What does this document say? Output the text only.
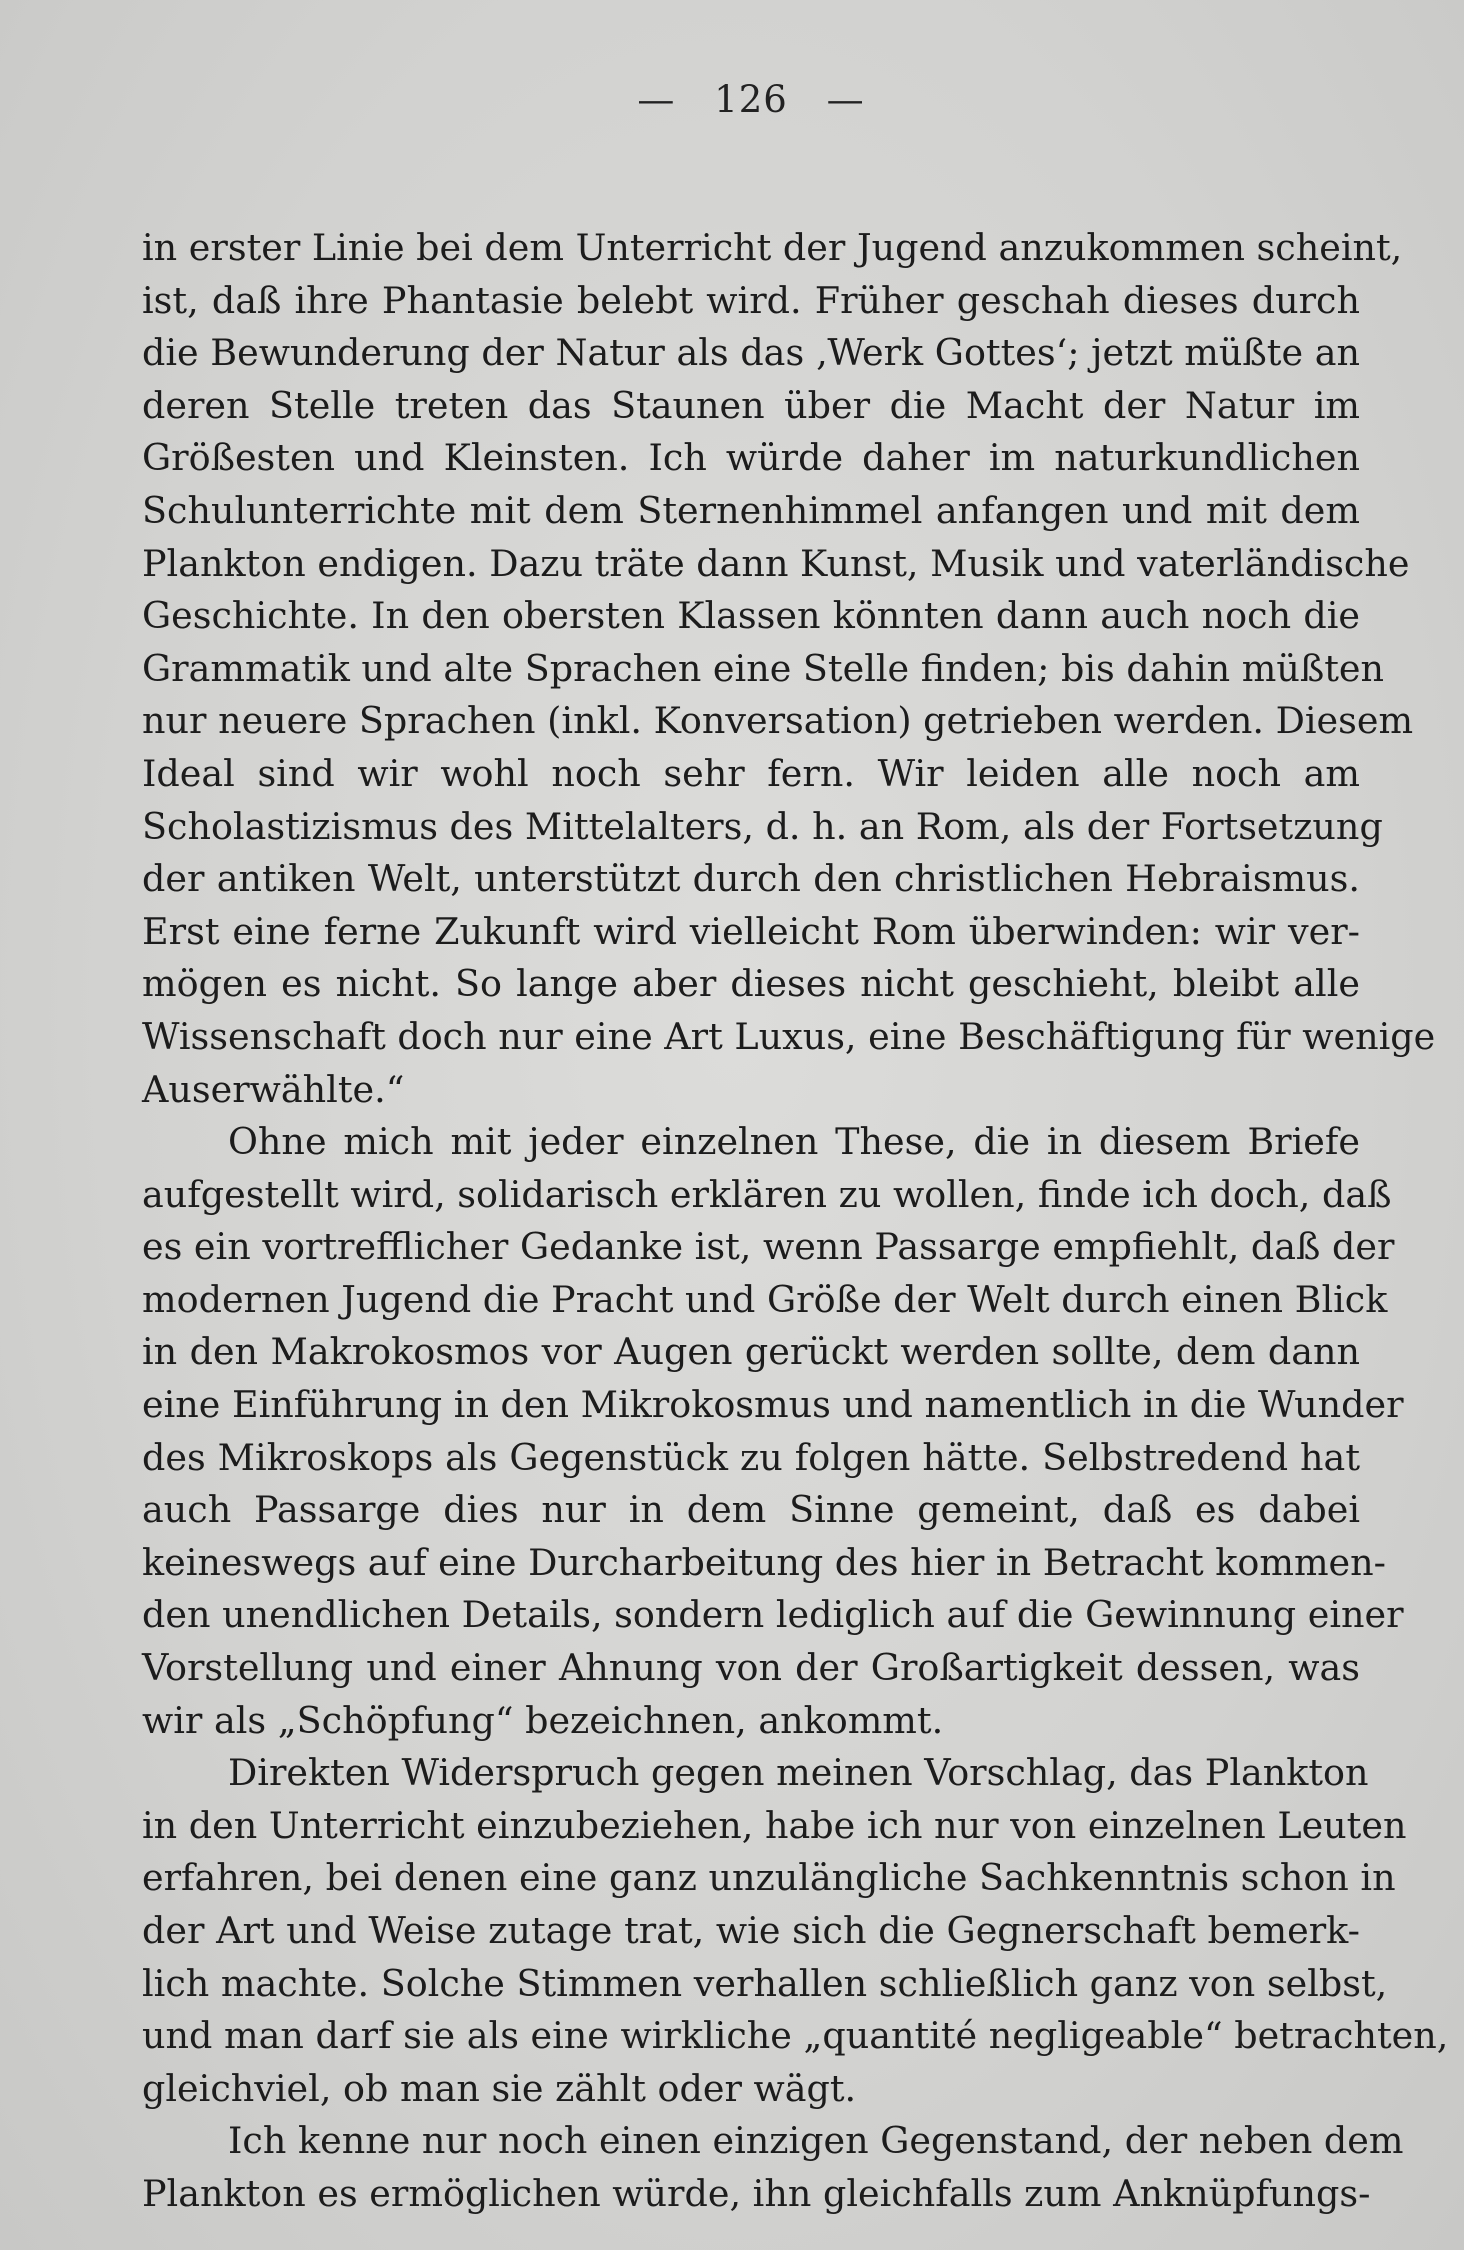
— 126 —
in erster Linie bei dem Unterricht der Jugend anzukommen scheint,
ist, daß ihre Phantasie belebt wird. Früher geschah dieses durch
die Bewunderung der Natur als das ‚Werk Gottes‘; jetzt müßte an
deren Stelle treten das Staunen über die Macht der Natur im
Größesten und Kleinsten. Ich würde daher im naturkundlichen
Schulunterrichte mit dem Sternenhimmel anfangen und mit dem
Plankton endigen. Dazu träte dann Kunst, Musik und vaterländische
Geschichte. In den obersten Klassen könnten dann auch noch die
Grammatik und alte Sprachen eine Stelle finden; bis dahin müßten
nur neuere Sprachen (inkl. Konversation) getrieben werden. Diesem
Ideal sind wir wohl noch sehr fern. Wir leiden alle noch am
Scholastizismus des Mittelalters, d. h. an Rom, als der Fortsetzung
der antiken Welt, unterstützt durch den christlichen Hebraismus.
Erst eine ferne Zukunft wird vielleicht Rom überwinden: wir ver-
mögen es nicht. So lange aber dieses nicht geschieht, bleibt alle
Wissenschaft doch nur eine Art Luxus, eine Beschäftigung für wenige
Auserwählte.“
Ohne mich mit jeder einzelnen These, die in diesem Briefe
aufgestellt wird, solidarisch erklären zu wollen, finde ich doch, daß
es ein vortrefflicher Gedanke ist, wenn Passarge empfiehlt, daß der
modernen Jugend die Pracht und Größe der Welt durch einen Blick
in den Makrokosmos vor Augen gerückt werden sollte, dem dann
eine Einführung in den Mikrokosmus und namentlich in die Wunder
des Mikroskops als Gegenstück zu folgen hätte. Selbstredend hat
auch Passarge dies nur in dem Sinne gemeint, daß es dabei
keineswegs auf eine Durcharbeitung des hier in Betracht kommen-
den unendlichen Details, sondern lediglich auf die Gewinnung einer
Vorstellung und einer Ahnung von der Großartigkeit dessen, was
wir als „Schöpfung“ bezeichnen, ankommt.
Direkten Widerspruch gegen meinen Vorschlag, das Plankton
in den Unterricht einzubeziehen, habe ich nur von einzelnen Leuten
erfahren, bei denen eine ganz unzulängliche Sachkenntnis schon in
der Art und Weise zutage trat, wie sich die Gegnerschaft bemerk-
lich machte. Solche Stimmen verhallen schließlich ganz von selbst,
und man darf sie als eine wirkliche „quantité negligeable“ betrachten,
gleichviel, ob man sie zählt oder wägt.
Ich kenne nur noch einen einzigen Gegenstand, der neben dem
Plankton es ermöglichen würde, ihn gleichfalls zum Anknüpfungs-
